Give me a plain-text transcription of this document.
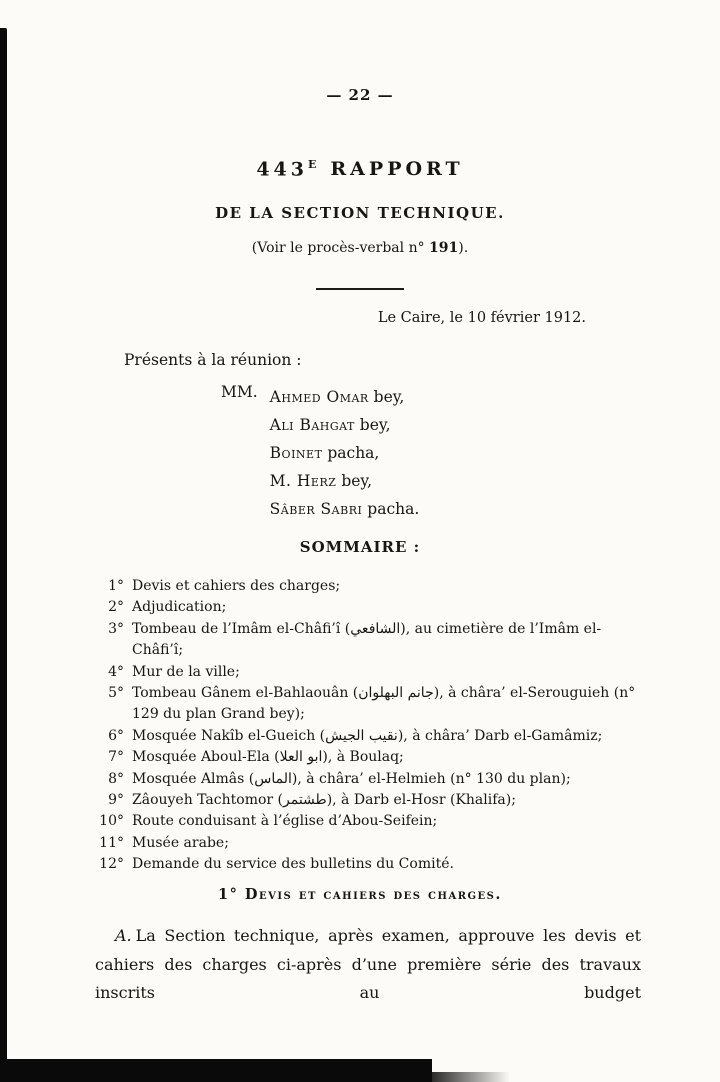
— 22 —
$443^E$ RAPPORT
DE LA SECTION TECHNIQUE.
(Voir le procès-verbal n° 191).
Le Caire, le 10 février 1912.
Présents à la réunion :
MM. Ahmed Omar bey,
Ali Bahgat bey,
Boinet pacha,
M. Herz bey,
Sâber Sabri pacha.
SOMMAIRE :
1° Devis et cahiers des charges;
2° Adjudication;
3° Tombeau de l’Imâm el-Châfi’î (الشافعي), au cimetière de l’Imâm el-Châfi’î;
4° Mur de la ville;
5° Tombeau Gânem el-Bahlaouân (جانم البهلوان), à châra’ el-Serouguieh (n° 129 du plan Grand bey);
6° Mosquée Nakîb el-Gueich (نقيب الجيش), à châra’ Darb el-Gamâmiz;
7° Mosquée Aboul-Ela (ابو العلا), à Boulaq;
8° Mosquée Almâs (الماس), à châra’ el-Helmieh (n° 130 du plan);
9° Zâouyeh Tachtomor (طشتمر), à Darb el-Hosr (Khalifa);
10° Route conduisant à l’église d’Abou-Seifein;
11° Musée arabe;
12° Demande du service des bulletins du Comité.
1° Devis et cahiers des charges.

A. La Section technique, après examen, approuve les devis et cahiers des charges ci-après d’une première série des travaux inscrits au budget
